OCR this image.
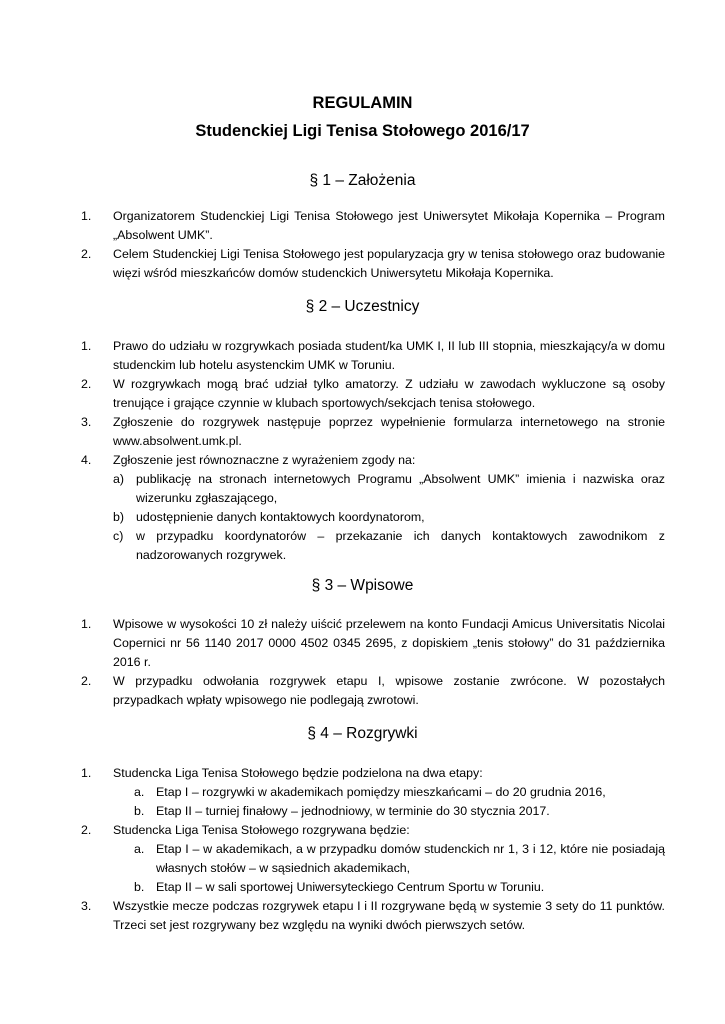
REGULAMIN
Studenckiej Ligi Tenisa Stołowego 2016/17
§ 1 – Założenia
1. Organizatorem Studenckiej Ligi Tenisa Stołowego jest Uniwersytet Mikołaja Kopernika – Program „Absolwent UMK”.
2. Celem Studenckiej Ligi Tenisa Stołowego jest popularyzacja gry w tenisa stołowego oraz budowanie więzi wśród mieszkańców domów studenckich Uniwersytetu Mikołaja Kopernika.
§ 2 – Uczestnicy
1. Prawo do udziału w rozgrywkach posiada student/ka UMK I, II lub III stopnia, mieszkający/a w domu studenckim lub hotelu asystenckim UMK w Toruniu.
2. W rozgrywkach mogą brać udział tylko amatorzy. Z udziału w zawodach wykluczone są osoby trenujące i grające czynnie w klubach sportowych/sekcjach tenisa stołowego.
3. Zgłoszenie do rozgrywek następuje poprzez wypełnienie formularza internetowego na stronie www.absolwent.umk.pl.
4. Zgłoszenie jest równoznaczne z wyrażeniem zgody na:
a) publikację na stronach internetowych Programu „Absolwent UMK” imienia i nazwiska oraz wizerunku zgłaszającego,
b) udostępnienie danych kontaktowych koordynatorom,
c) w przypadku koordynatorów – przekazanie ich danych kontaktowych zawodnikom z nadzorowanych rozgrywek.
§ 3 – Wpisowe
1. Wpisowe w wysokości 10 zł należy uiścić przelewem na konto Fundacji Amicus Universitatis Nicolai Copernici nr 56 1140 2017 0000 4502 0345 2695, z dopiskiem „tenis stołowy” do 31 października 2016 r.
2. W przypadku odwołania rozgrywek etapu I, wpisowe zostanie zwrócone. W pozostałych przypadkach wpłaty wpisowego nie podlegają zwrotowi.
§ 4 – Rozgrywki
1. Studencka Liga Tenisa Stołowego będzie podzielona na dwa etapy:
a. Etap I – rozgrywki w akademikach pomiędzy mieszkańcami – do 20 grudnia 2016,
b. Etap II – turniej finałowy – jednodniowy, w terminie do 30 stycznia 2017.
2. Studencka Liga Tenisa Stołowego rozgrywana będzie:
a. Etap I – w akademikach, a w przypadku domów studenckich nr 1, 3 i 12, które nie posiadają własnych stołów – w sąsiednich akademikach,
b. Etap II – w sali sportowej Uniwersyteckiego Centrum Sportu w Toruniu.
3. Wszystkie mecze podczas rozgrywek etapu I i II rozgrywane będą w systemie 3 sety do 11 punktów. Trzeci set jest rozgrywany bez względu na wyniki dwóch pierwszych setów.
